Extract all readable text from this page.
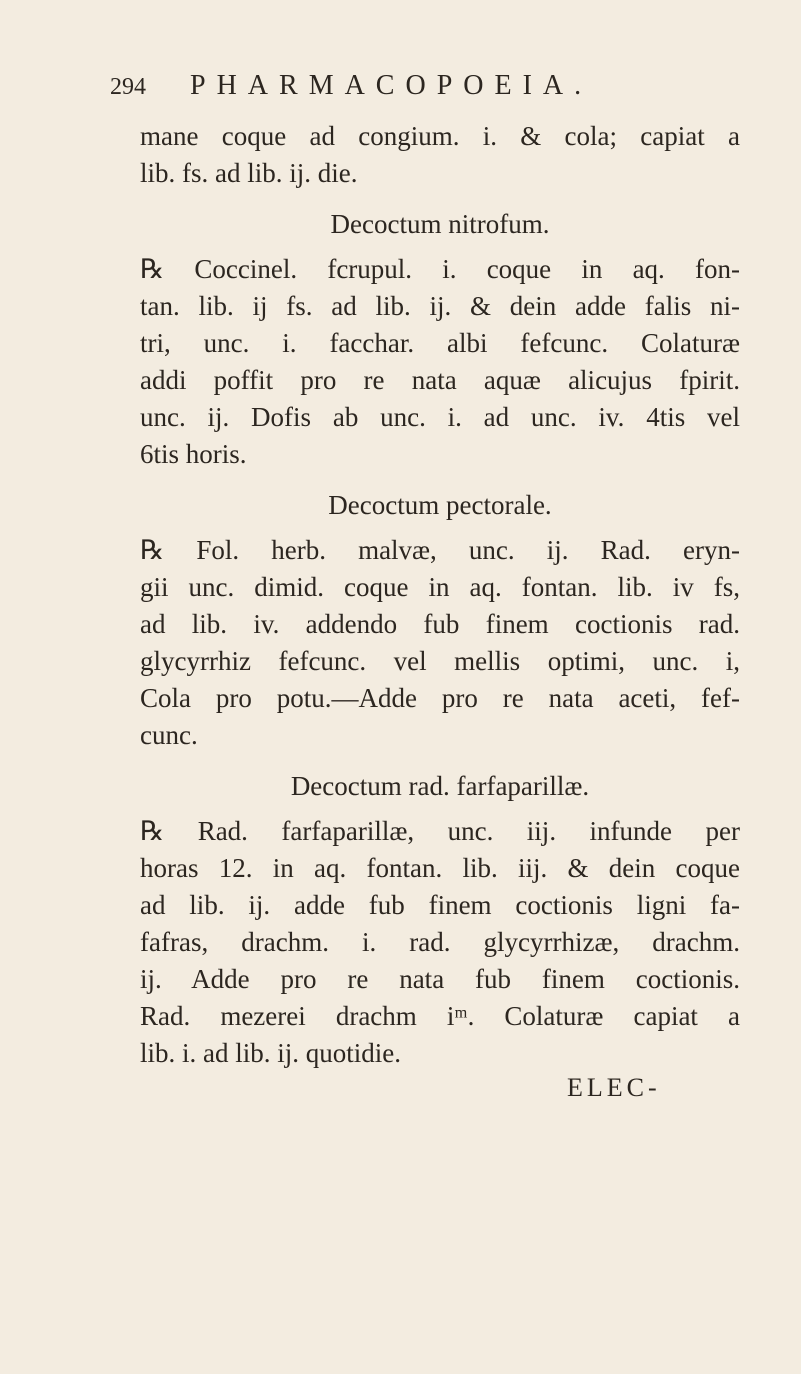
294 PHARMACOPOEIA.
mane coque ad congium. i. & cola; capiat a
lib. fs. ad lib. ij. die.
Decoctum nitrofum.
℞ Coccinel. fcrupul. i. coque in aq. fon-
tan. lib. ij fs. ad lib. ij. & dein adde falis ni-
tri, unc. i. facchar. albi fefcunc. Colaturæ
addi poffit pro re nata aquæ alicujus fpirit.
unc. ij. Dofis ab unc. i. ad unc. iv. 4tis vel
6tis horis.
Decoctum pectorale.
℞ Fol. herb. malvæ, unc. ij. Rad. eryn-
gii unc. dimid. coque in aq. fontan. lib. iv fs,
ad lib. iv. addendo fub finem coctionis rad.
glycyrrhiz fefcunc. vel mellis optimi, unc. i,
Cola pro potu.—Adde pro re nata aceti, fef-
cunc.
Decoctum rad. farfaparillæ.
℞ Rad. farfaparillæ, unc. iij. infunde per
horas 12. in aq. fontan. lib. iij. & dein coque
ad lib. ij. adde fub finem coctionis ligni fa-
fafras, drachm. i. rad. glycyrrhizæ, drachm.
ij. Adde pro re nata fub finem coctionis.
Rad. mezerei drachm iᵐ. Colaturæ capiat a
lib. i. ad lib. ij. quotidie.
ELEC-
